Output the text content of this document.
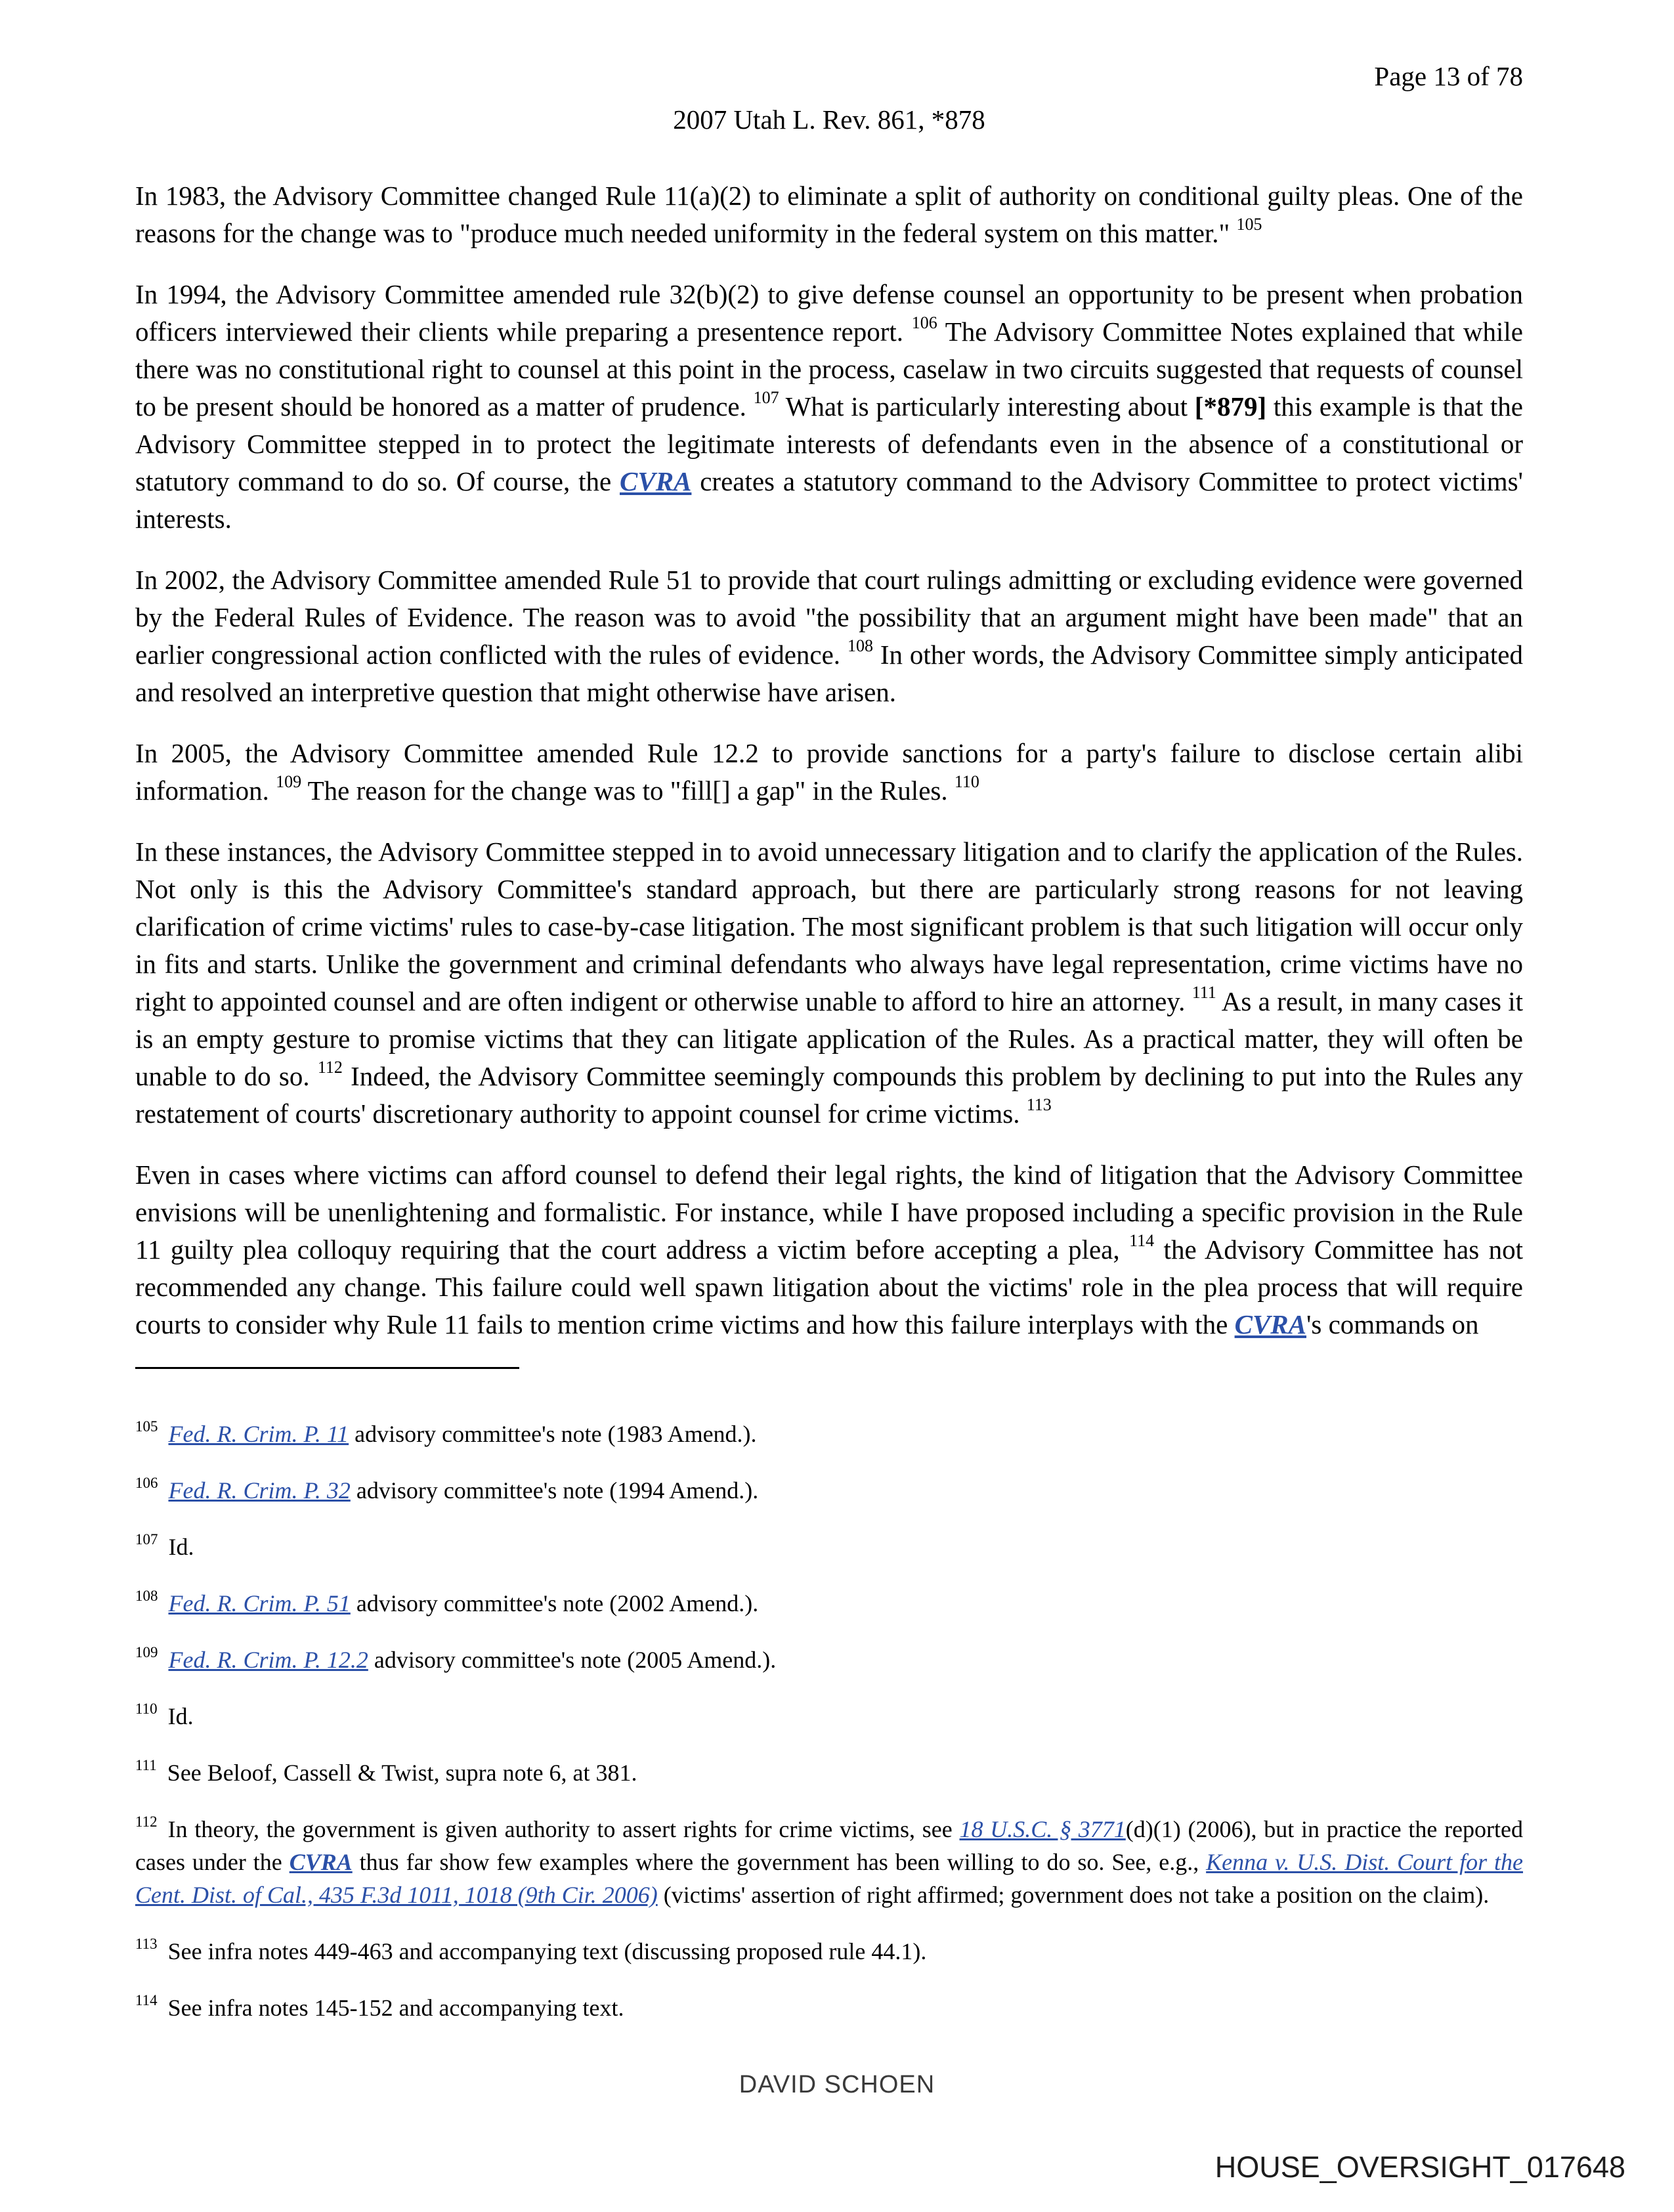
Page 13 of 78
2007 Utah L. Rev. 861, *878

In 1983, the Advisory Committee changed Rule 11(a)(2) to eliminate a split of authority on conditional guilty pleas. One of the reasons for the change was to "produce much needed uniformity in the federal system on this matter." $^{105}$

In 1994, the Advisory Committee amended rule 32(b)(2) to give defense counsel an opportunity to be present when probation officers interviewed their clients while preparing a presentence report. $^{106}$ The Advisory Committee Notes explained that while there was no constitutional right to counsel at this point in the process, caselaw in two circuits suggested that requests of counsel to be present should be honored as a matter of prudence. $^{107}$ What is particularly interesting about [*879] this example is that the Advisory Committee stepped in to protect the legitimate interests of defendants even in the absence of a constitutional or statutory command to do so. Of course, the CVRA creates a statutory command to the Advisory Committee to protect victims' interests.

In 2002, the Advisory Committee amended Rule 51 to provide that court rulings admitting or excluding evidence were governed by the Federal Rules of Evidence. The reason was to avoid "the possibility that an argument might have been made" that an earlier congressional action conflicted with the rules of evidence. $^{108}$ In other words, the Advisory Committee simply anticipated and resolved an interpretive question that might otherwise have arisen.

In 2005, the Advisory Committee amended Rule 12.2 to provide sanctions for a party's failure to disclose certain alibi information. $^{109}$ The reason for the change was to "fill[] a gap" in the Rules. $^{110}$

In these instances, the Advisory Committee stepped in to avoid unnecessary litigation and to clarify the application of the Rules. Not only is this the Advisory Committee's standard approach, but there are particularly strong reasons for not leaving clarification of crime victims' rules to case-by-case litigation. The most significant problem is that such litigation will occur only in fits and starts. Unlike the government and criminal defendants who always have legal representation, crime victims have no right to appointed counsel and are often indigent or otherwise unable to afford to hire an attorney. $^{111}$ As a result, in many cases it is an empty gesture to promise victims that they can litigate application of the Rules. As a practical matter, they will often be unable to do so. $^{112}$ Indeed, the Advisory Committee seemingly compounds this problem by declining to put into the Rules any restatement of courts' discretionary authority to appoint counsel for crime victims. $^{113}$

Even in cases where victims can afford counsel to defend their legal rights, the kind of litigation that the Advisory Committee envisions will be unenlightening and formalistic. For instance, while I have proposed including a specific provision in the Rule 11 guilty plea colloquy requiring that the court address a victim before accepting a plea, $^{114}$ the Advisory Committee has not recommended any change. This failure could well spawn litigation about the victims' role in the plea process that will require courts to consider why Rule 11 fails to mention crime victims and how this failure interplays with the CVRA's commands on

$^{105}$ Fed. R. Crim. P. 11 advisory committee's note (1983 Amend.).
$^{106}$ Fed. R. Crim. P. 32 advisory committee's note (1994 Amend.).
$^{107}$ Id.
$^{108}$ Fed. R. Crim. P. 51 advisory committee's note (2002 Amend.).
$^{109}$ Fed. R. Crim. P. 12.2 advisory committee's note (2005 Amend.).
$^{110}$ Id.
$^{111}$ See Beloof, Cassell & Twist, supra note 6, at 381.
$^{112}$ In theory, the government is given authority to assert rights for crime victims, see 18 U.S.C. § 3771(d)(1) (2006), but in practice the reported cases under the CVRA thus far show few examples where the government has been willing to do so. See, e.g., Kenna v. U.S. Dist. Court for the Cent. Dist. of Cal., 435 F.3d 1011, 1018 (9th Cir. 2006) (victims' assertion of right affirmed; government does not take a position on the claim).
$^{113}$ See infra notes 449-463 and accompanying text (discussing proposed rule 44.1).
$^{114}$ See infra notes 145-152 and accompanying text.
DAVID SCHOEN
HOUSE_OVERSIGHT_017648
